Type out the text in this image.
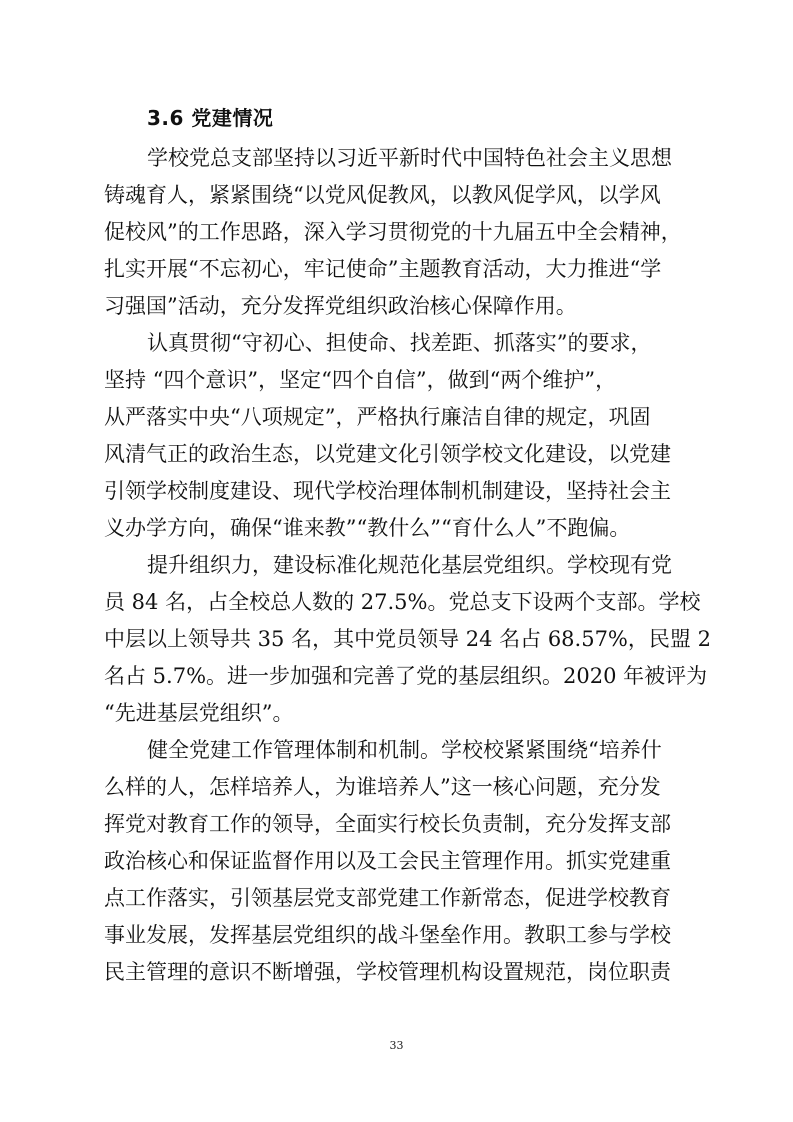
3.6 党建情况

学校党总支部坚持以习近平新时代中国特色社会主义思想

铸魂育人，紧紧围绕“以党风促教风，以教风促学风，以学风

促校风”的工作思路，深入学习贯彻党的十九届五中全会精神，

扎实开展“不忘初心，牢记使命”主题教育活动，大力推进“学

习强国”活动，充分发挥党组织政治核心保障作用。

认真贯彻“守初心、担使命、找差距、抓落实”的要求，

坚持 “四个意识”，坚定“四个自信”，做到“两个维护”，

从严落实中央“八项规定”，严格执行廉洁自律的规定，巩固

风清气正的政治生态，以党建文化引领学校文化建设，以党建

引领学校制度建设、现代学校治理体制机制建设，坚持社会主

义办学方向，确保“谁来教”“教什么”“育什么人”不跑偏。

提升组织力，建设标准化规范化基层党组织。学校现有党

员 84 名，占全校总人数的 27.5%。党总支下设两个支部。学校

中层以上领导共 35 名，其中党员领导 24 名占 68.57%，民盟 2

名占 5.7%。进一步加强和完善了党的基层组织。2020 年被评为

“先进基层党组织”。

健全党建工作管理体制和机制。学校校紧紧围绕“培养什

么样的人，怎样培养人，为谁培养人”这一核心问题，充分发

挥党对教育工作的领导，全面实行校长负责制，充分发挥支部

政治核心和保证监督作用以及工会民主管理作用。抓实党建重

点工作落实，引领基层党支部党建工作新常态，促进学校教育

事业发展，发挥基层党组织的战斗堡垒作用。教职工参与学校

民主管理的意识不断增强，学校管理机构设置规范，岗位职责

33
